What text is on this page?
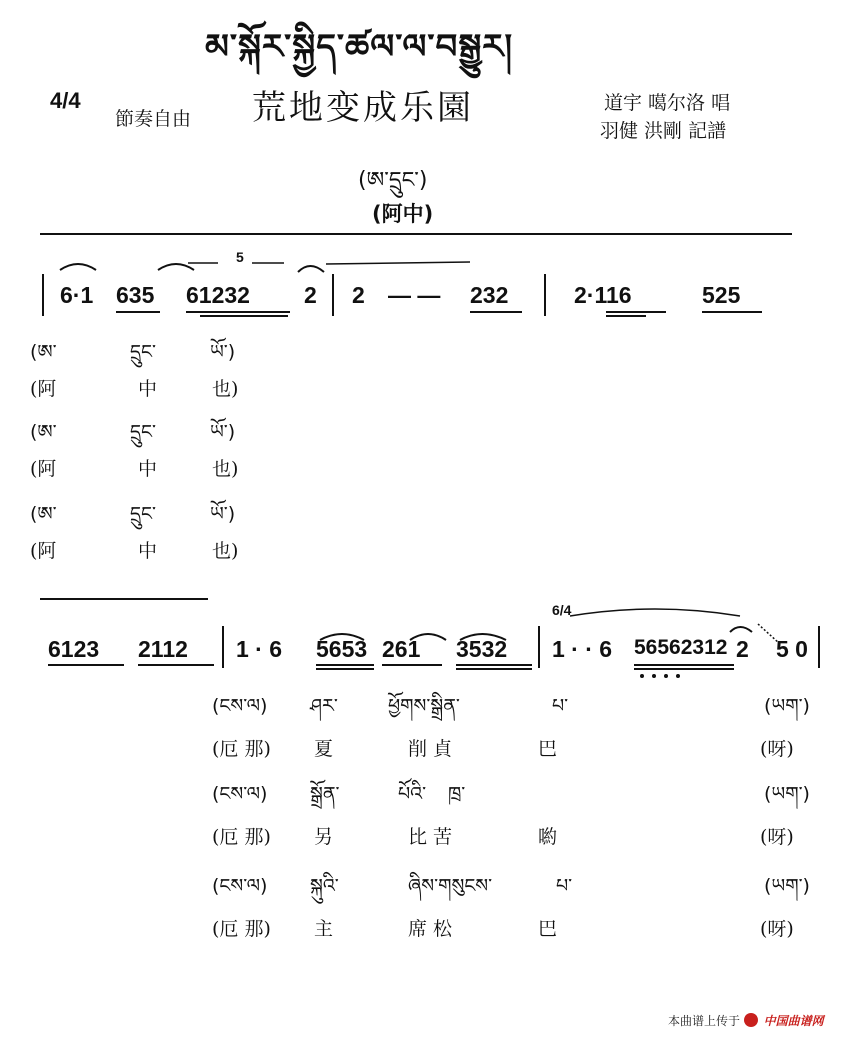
མ་སྐོར་སྐྱིད་ཚལ་ལ་བསྒྱུར།
4/4
節奏自由 荒地变成乐園	道宇 噶尔洛 唱
羽健 洪剛 記譜
(ཨ་དྲུང་)
(阿中)
5
6·1 635 61232 2 2 — — 232	2·116	525
(ཨ་	དྲུང་	ཡོ་)
(阿	中	也)
(ཨ་	དྲུང་	ཡོ་)
(阿	中	也)
(ཨ་	དྲུང་	ཡོ་)
(阿	中	也)
6/4
6123 2112 1 · 6 5653 261 3532 1 · · 6 56562312 2 5 0
(ངས་ལ) ཤར་	ཕྱོགས་སྒྲིན་	པ་	(ཡག་)
(厄 那) 夏	削 貞	巴	(呀)
(ངས་ལ) སྒྲོན་	པོའི་ ཁྲ་	(ཡག་)
(厄 那) 另	比 苦	喲	(呀)
(ངས་ལ) སྐུའི་	ཞིས་གསུངས་	པ་	(ཡག་)
(厄 那) 主	席 松	巴	(呀)
本曲谱上传于 中国曲谱网
